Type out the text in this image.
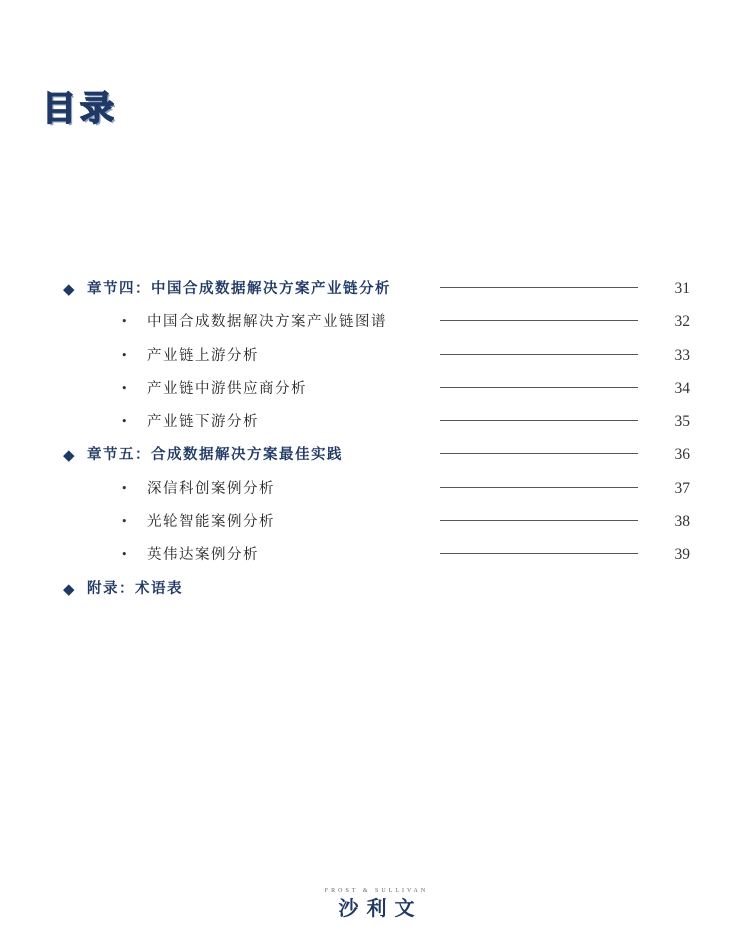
目录
◆ 章节四：中国合成数据解决方案产业链分析	31
• 中国合成数据解决方案产业链图谱	32
• 产业链上游分析	33
• 产业链中游供应商分析	34
• 产业链下游分析	35
◆ 章节五：合成数据解决方案最佳实践	36
• 深信科创案例分析	37
• 光轮智能案例分析	38
• 英伟达案例分析	39
◆ 附录：术语表
FROST & SULLIVAN
沙利文
